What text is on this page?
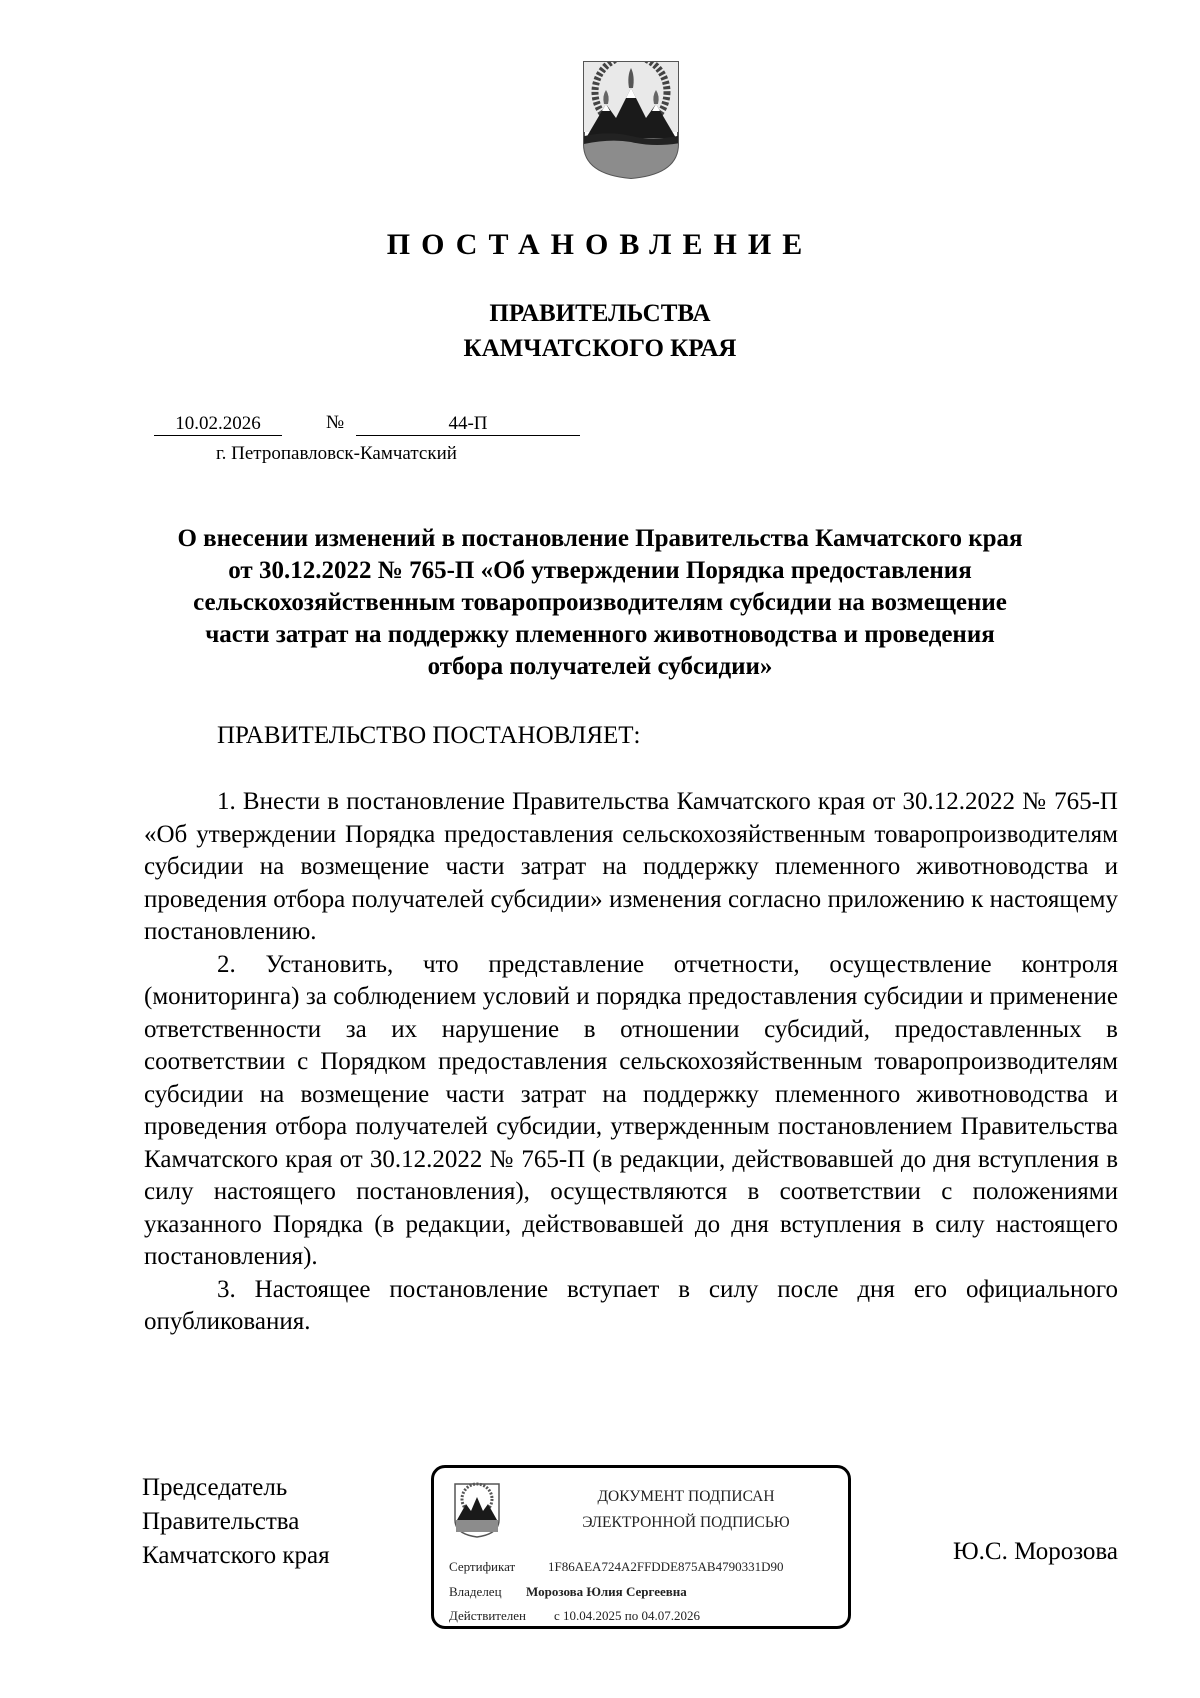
ПОСТАНОВЛЕНИЕ
ПРАВИТЕЛЬСТВА
КАМЧАТСКОГО КРАЯ
10.02.2026	№	44-П
г. Петропавловск-Камчатский
О внесении изменений в постановление Правительства Камчатского края
от 30.12.2022 № 765-П «Об утверждении Порядка предоставления
сельскохозяйственным товаропроизводителям субсидии на возмещение
части затрат на поддержку племенного животноводства и проведения
отбора получателей субсидии»
ПРАВИТЕЛЬСТВО ПОСТАНОВЛЯЕТ:

1. Внести в постановление Правительства Камчатского края от 30.12.2022 № 765-П «Об утверждении Порядка предоставления сельскохозяйственным товаропроизводителям субсидии на возмещение части затрат на поддержку племенного животноводства и проведения отбора получателей субсидии» изменения согласно приложению к настоящему постановлению.

2. Установить, что представление отчетности, осуществление контроля (мониторинга) за соблюдением условий и порядка предоставления субсидии и применение ответственности за их нарушение в отношении субсидий, предоставленных в соответствии с Порядком предоставления сельскохозяйственным товаропроизводителям субсидии на возмещение части затрат на поддержку племенного животноводства и проведения отбора получателей субсидии, утвержденным постановлением Правительства Камчатского края от 30.12.2022 № 765-П (в редакции, действовавшей до дня вступления в силу настоящего постановления), осуществляются в соответствии с положениями указанного Порядка (в редакции, действовавшей до дня вступления в силу настоящего постановления).

3. Настоящее постановление вступает в силу после дня его официального опубликования.

Председатель
Правительства
Камчатского края
ДОКУМЕНТ ПОДПИСАН
ЭЛЕКТРОННОЙ ПОДПИСЬЮ
Сертификат	1F86AEA724A2FFDDE875AB4790331D90
Владелец Морозова Юлия Сергеевна
Действителен с 10.04.2025 по 04.07.2026
Ю.С. Морозова
